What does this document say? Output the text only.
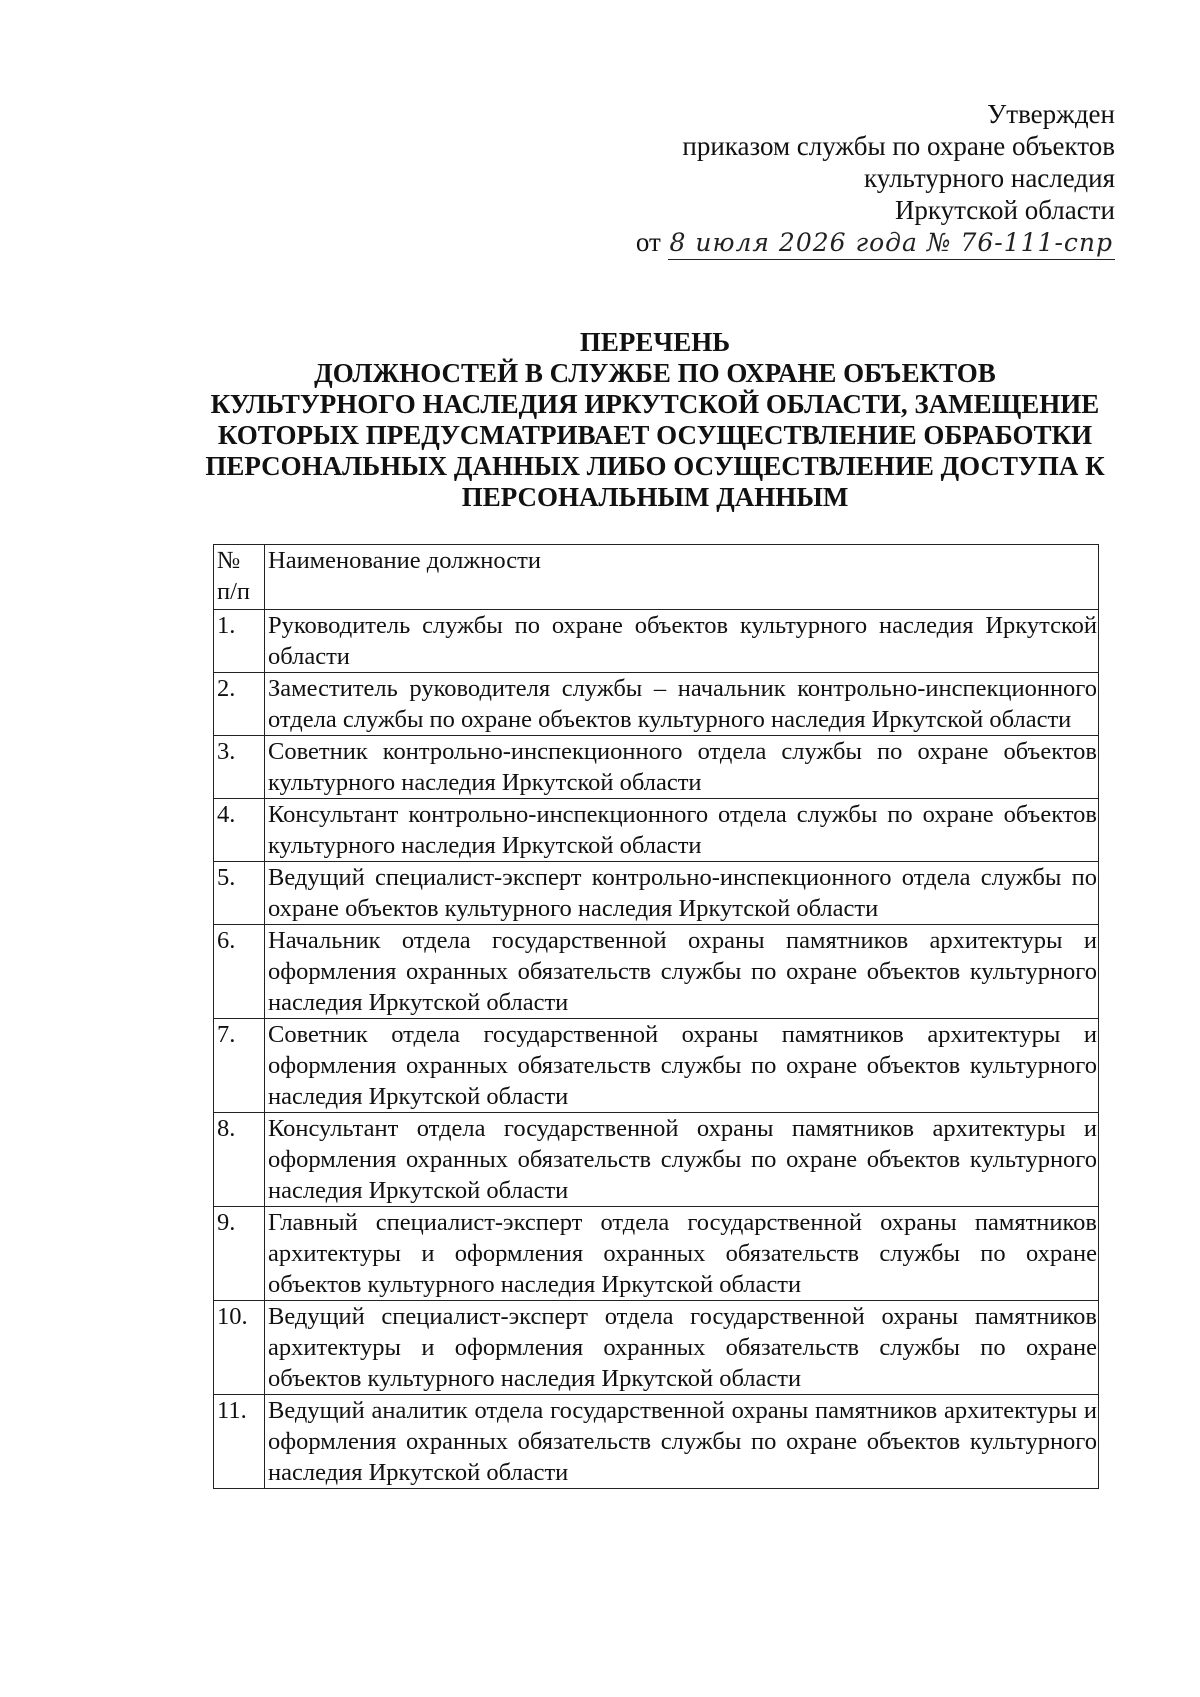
Утвержден
приказом службы по охране объектов
культурного наследия
Иркутской области
от 8 июля 2026 года № 76-111-спр
ПЕРЕЧЕНЬ
ДОЛЖНОСТЕЙ В СЛУЖБЕ ПО ОХРАНЕ ОБЪЕКТОВ
КУЛЬТУРНОГО НАСЛЕДИЯ ИРКУТСКОЙ ОБЛАСТИ, ЗАМЕЩЕНИЕ
КОТОРЫХ ПРЕДУСМАТРИВАЕТ ОСУЩЕСТВЛЕНИЕ ОБРАБОТКИ
ПЕРСОНАЛЬНЫХ ДАННЫХ ЛИБО ОСУЩЕСТВЛЕНИЕ ДОСТУПА К
ПЕРСОНАЛЬНЫМ ДАННЫМ
№ п/п	Наименование должности
1.	Руководитель службы по охране объектов культурного наследия Иркутской области
2.	Заместитель руководителя службы – начальник контрольно-инспекционного отдела службы по охране объектов культурного наследия Иркутской области
3.	Советник контрольно-инспекционного отдела службы по охране объектов культурного наследия Иркутской области
4.	Консультант контрольно-инспекционного отдела службы по охране объектов культурного наследия Иркутской области
5.	Ведущий специалист-эксперт контрольно-инспекционного отдела службы по охране объектов культурного наследия Иркутской области
6.	Начальник отдела государственной охраны памятников архитектуры и оформления охранных обязательств службы по охране объектов культурного наследия Иркутской области
7.	Советник отдела государственной охраны памятников архитектуры и оформления охранных обязательств службы по охране объектов культурного наследия Иркутской области
8.	Консультант отдела государственной охраны памятников архитектуры и оформления охранных обязательств службы по охране объектов культурного наследия Иркутской области
9.	Главный специалист-эксперт отдела государственной охраны памятников архитектуры и оформления охранных обязательств службы по охране объектов культурного наследия Иркутской области
10.	Ведущий специалист-эксперт отдела государственной охраны памятников архитектуры и оформления охранных обязательств службы по охране объектов культурного наследия Иркутской области
11.	Ведущий аналитик отдела государственной охраны памятников архитектуры и оформления охранных обязательств службы по охране объектов культурного наследия Иркутской области
